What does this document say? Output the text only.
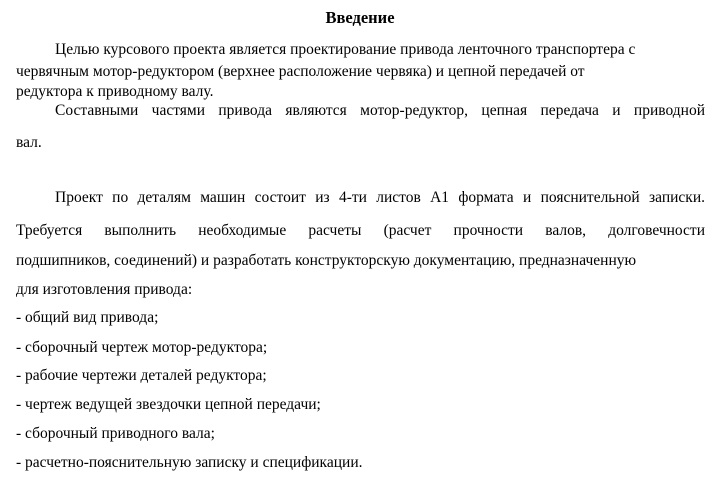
Введение
Целью курсового проекта является проектирование привода ленточного транспортера с
червячным мотор-редуктором (верхнее расположение червяка) и цепной передачей от
редуктора к приводному валу.
Составными частями привода являются мотор-редуктор, цепная передача и приводной
вал.
Проект по деталям машин состоит из 4-ти листов А1 формата и пояснительной записки.
Требуется выполнить необходимые расчеты (расчет прочности валов, долговечности
подшипников, соединений) и разработать конструкторскую документацию, предназначенную
для изготовления привода:
- общий вид привода;
- сборочный чертеж мотор-редуктора;
- рабочие чертежи деталей редуктора;
- чертеж ведущей звездочки цепной передачи;
- сборочный приводного вала;
- расчетно-пояснительную записку и спецификации.
